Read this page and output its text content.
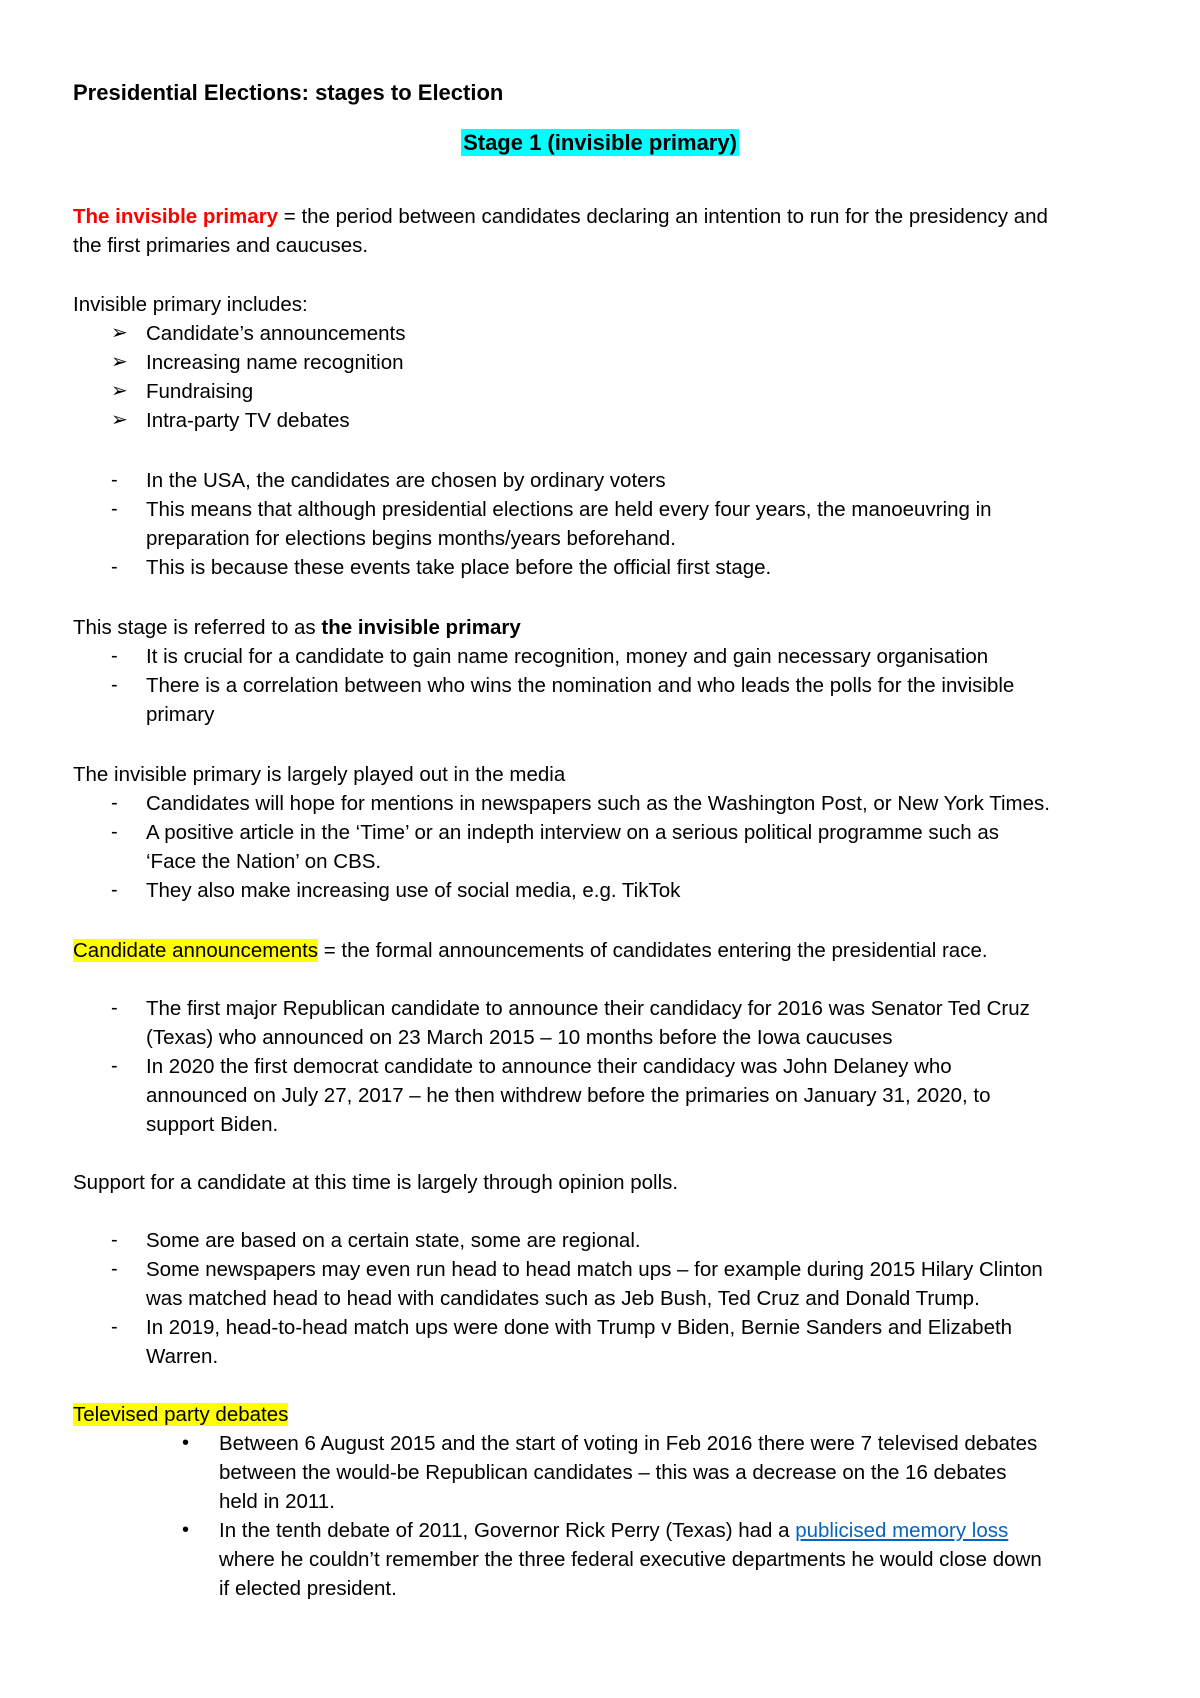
Presidential Elections: stages to Election
Stage 1 (invisible primary)
The invisible primary = the period between candidates declaring an intention to run for the presidency and
the first primaries and caucuses.
Invisible primary includes:
➢ Candidate’s announcements
➢ Increasing name recognition
➢ Fundraising
➢ Intra-party TV debates
- In the USA, the candidates are chosen by ordinary voters
- This means that although presidential elections are held every four years, the manoeuvring in
preparation for elections begins months/years beforehand.
- This is because these events take place before the official first stage.
This stage is referred to as the invisible primary
- It is crucial for a candidate to gain name recognition, money and gain necessary organisation
- There is a correlation between who wins the nomination and who leads the polls for the invisible
primary
The invisible primary is largely played out in the media
- Candidates will hope for mentions in newspapers such as the Washington Post, or New York Times.
- A positive article in the ‘Time’ or an indepth interview on a serious political programme such as
‘Face the Nation’ on CBS.
- They also make increasing use of social media, e.g. TikTok
Candidate announcements = the formal announcements of candidates entering the presidential race.
- The first major Republican candidate to announce their candidacy for 2016 was Senator Ted Cruz
(Texas) who announced on 23 March 2015 – 10 months before the Iowa caucuses
- In 2020 the first democrat candidate to announce their candidacy was John Delaney who
announced on July 27, 2017 – he then withdrew before the primaries on January 31, 2020, to
support Biden.
Support for a candidate at this time is largely through opinion polls.
- Some are based on a certain state, some are regional.
- Some newspapers may even run head to head match ups – for example during 2015 Hilary Clinton
was matched head to head with candidates such as Jeb Bush, Ted Cruz and Donald Trump.
- In 2019, head-to-head match ups were done with Trump v Biden, Bernie Sanders and Elizabeth
Warren.
Televised party debates
• Between 6 August 2015 and the start of voting in Feb 2016 there were 7 televised debates
between the would-be Republican candidates – this was a decrease on the 16 debates
held in 2011.
• In the tenth debate of 2011, Governor Rick Perry (Texas) had a publicised memory loss
where he couldn’t remember the three federal executive departments he would close down
if elected president.
